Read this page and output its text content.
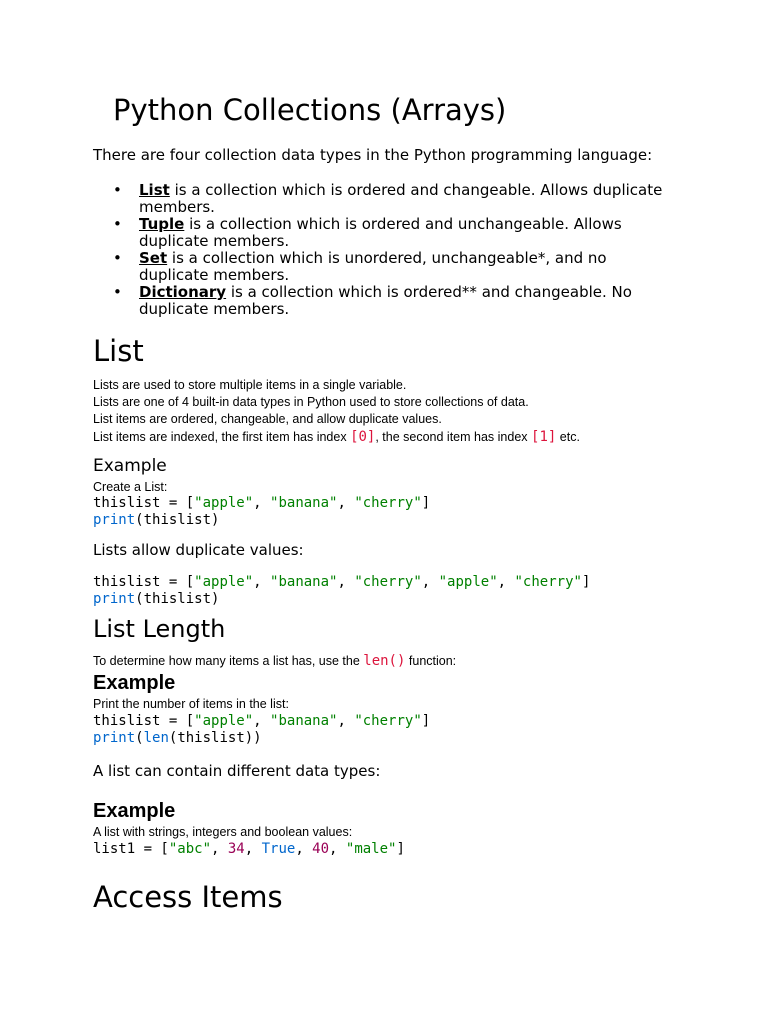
Python Collections (Arrays)
There are four collection data types in the Python programming language:
• List is a collection which is ordered and changeable. Allows duplicate members.
• Tuple is a collection which is ordered and unchangeable. Allows duplicate members.
• Set is a collection which is unordered, unchangeable*, and no duplicate members.
• Dictionary is a collection which is ordered** and changeable. No duplicate members.
List
Lists are used to store multiple items in a single variable.
Lists are one of 4 built-in data types in Python used to store collections of data.
List items are ordered, changeable, and allow duplicate values.
List items are indexed, the first item has index [0], the second item has index [1] etc.
Example
Create a List:
thislist = ["apple", "banana", "cherry"]
print(thislist)
Lists allow duplicate values:
thislist = ["apple", "banana", "cherry", "apple", "cherry"]
print(thislist)
List Length
To determine how many items a list has, use the len() function:
Example
Print the number of items in the list:
thislist = ["apple", "banana", "cherry"]
print(len(thislist))
A list can contain different data types:
Example
A list with strings, integers and boolean values:
list1 = ["abc", 34, True, 40, "male"]
Access Items
